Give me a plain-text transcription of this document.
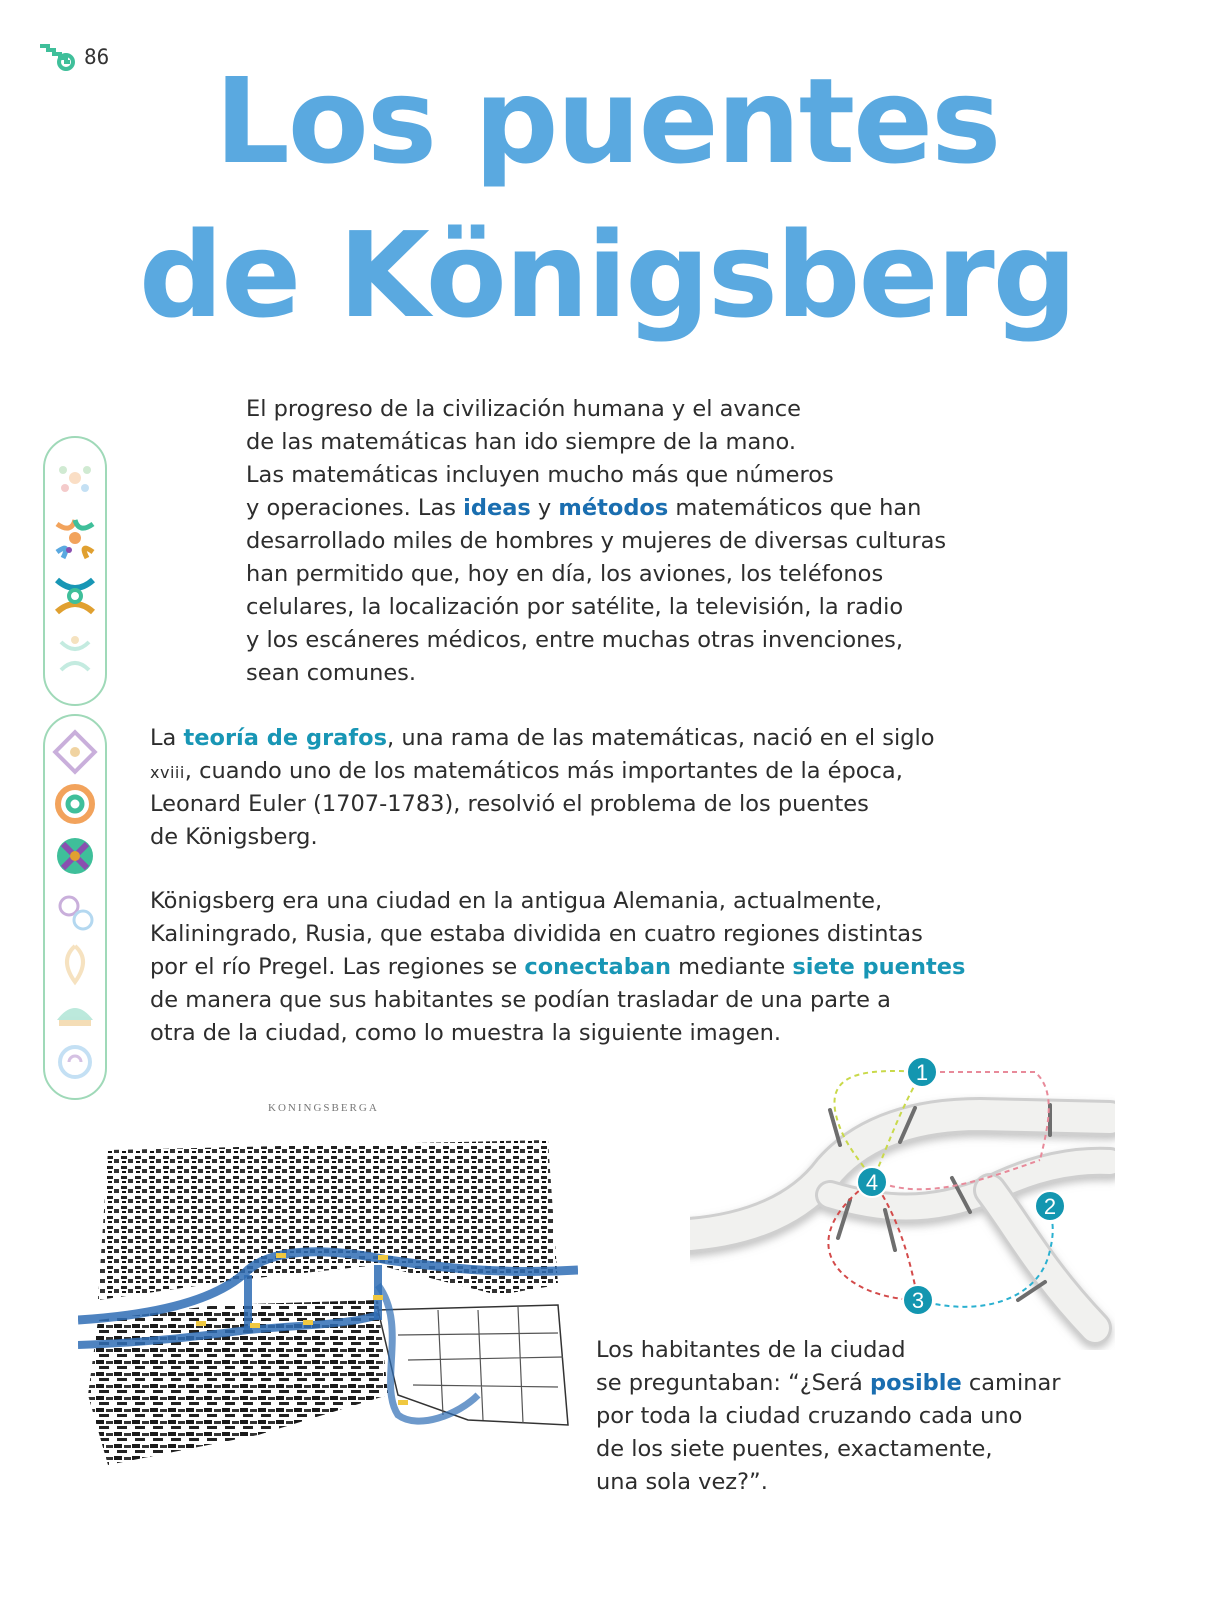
86 Los puentes
de Königsberg

El progreso de la civilización humana y el avance

de las matemáticas han ido siempre de la mano.

Las matemáticas incluyen mucho más que números

y operaciones. Las ideas y métodos matemáticos que han

desarrollado miles de hombres y mujeres de diversas culturas

han permitido que, hoy en día, los aviones, los teléfonos

celulares, la localización por satélite, la televisión, la radio

y los escáneres médicos, entre muchas otras invenciones,

sean comunes.

La teoría de grafos, una rama de las matemáticas, nació en el siglo

xviii, cuando uno de los matemáticos más importantes de la época,

Leonard Euler (1707-1783), resolvió el problema de los puentes

de Königsberg.

Königsberg era una ciudad en la antigua Alemania, actualmente,

Kaliningrado, Rusia, que estaba dividida en cuatro regiones distintas

por el río Pregel. Las regiones se conectaban mediante siete puentes

de manera que sus habitantes se podían trasladar de una parte a

otra de la ciudad, como lo muestra la siguiente imagen.

KONINGSBERGA
1
2
3
4

Los habitantes de la ciudad

se preguntaban: “¿Será posible caminar

por toda la ciudad cruzando cada uno

de los siete puentes, exactamente,

una sola vez?”.
